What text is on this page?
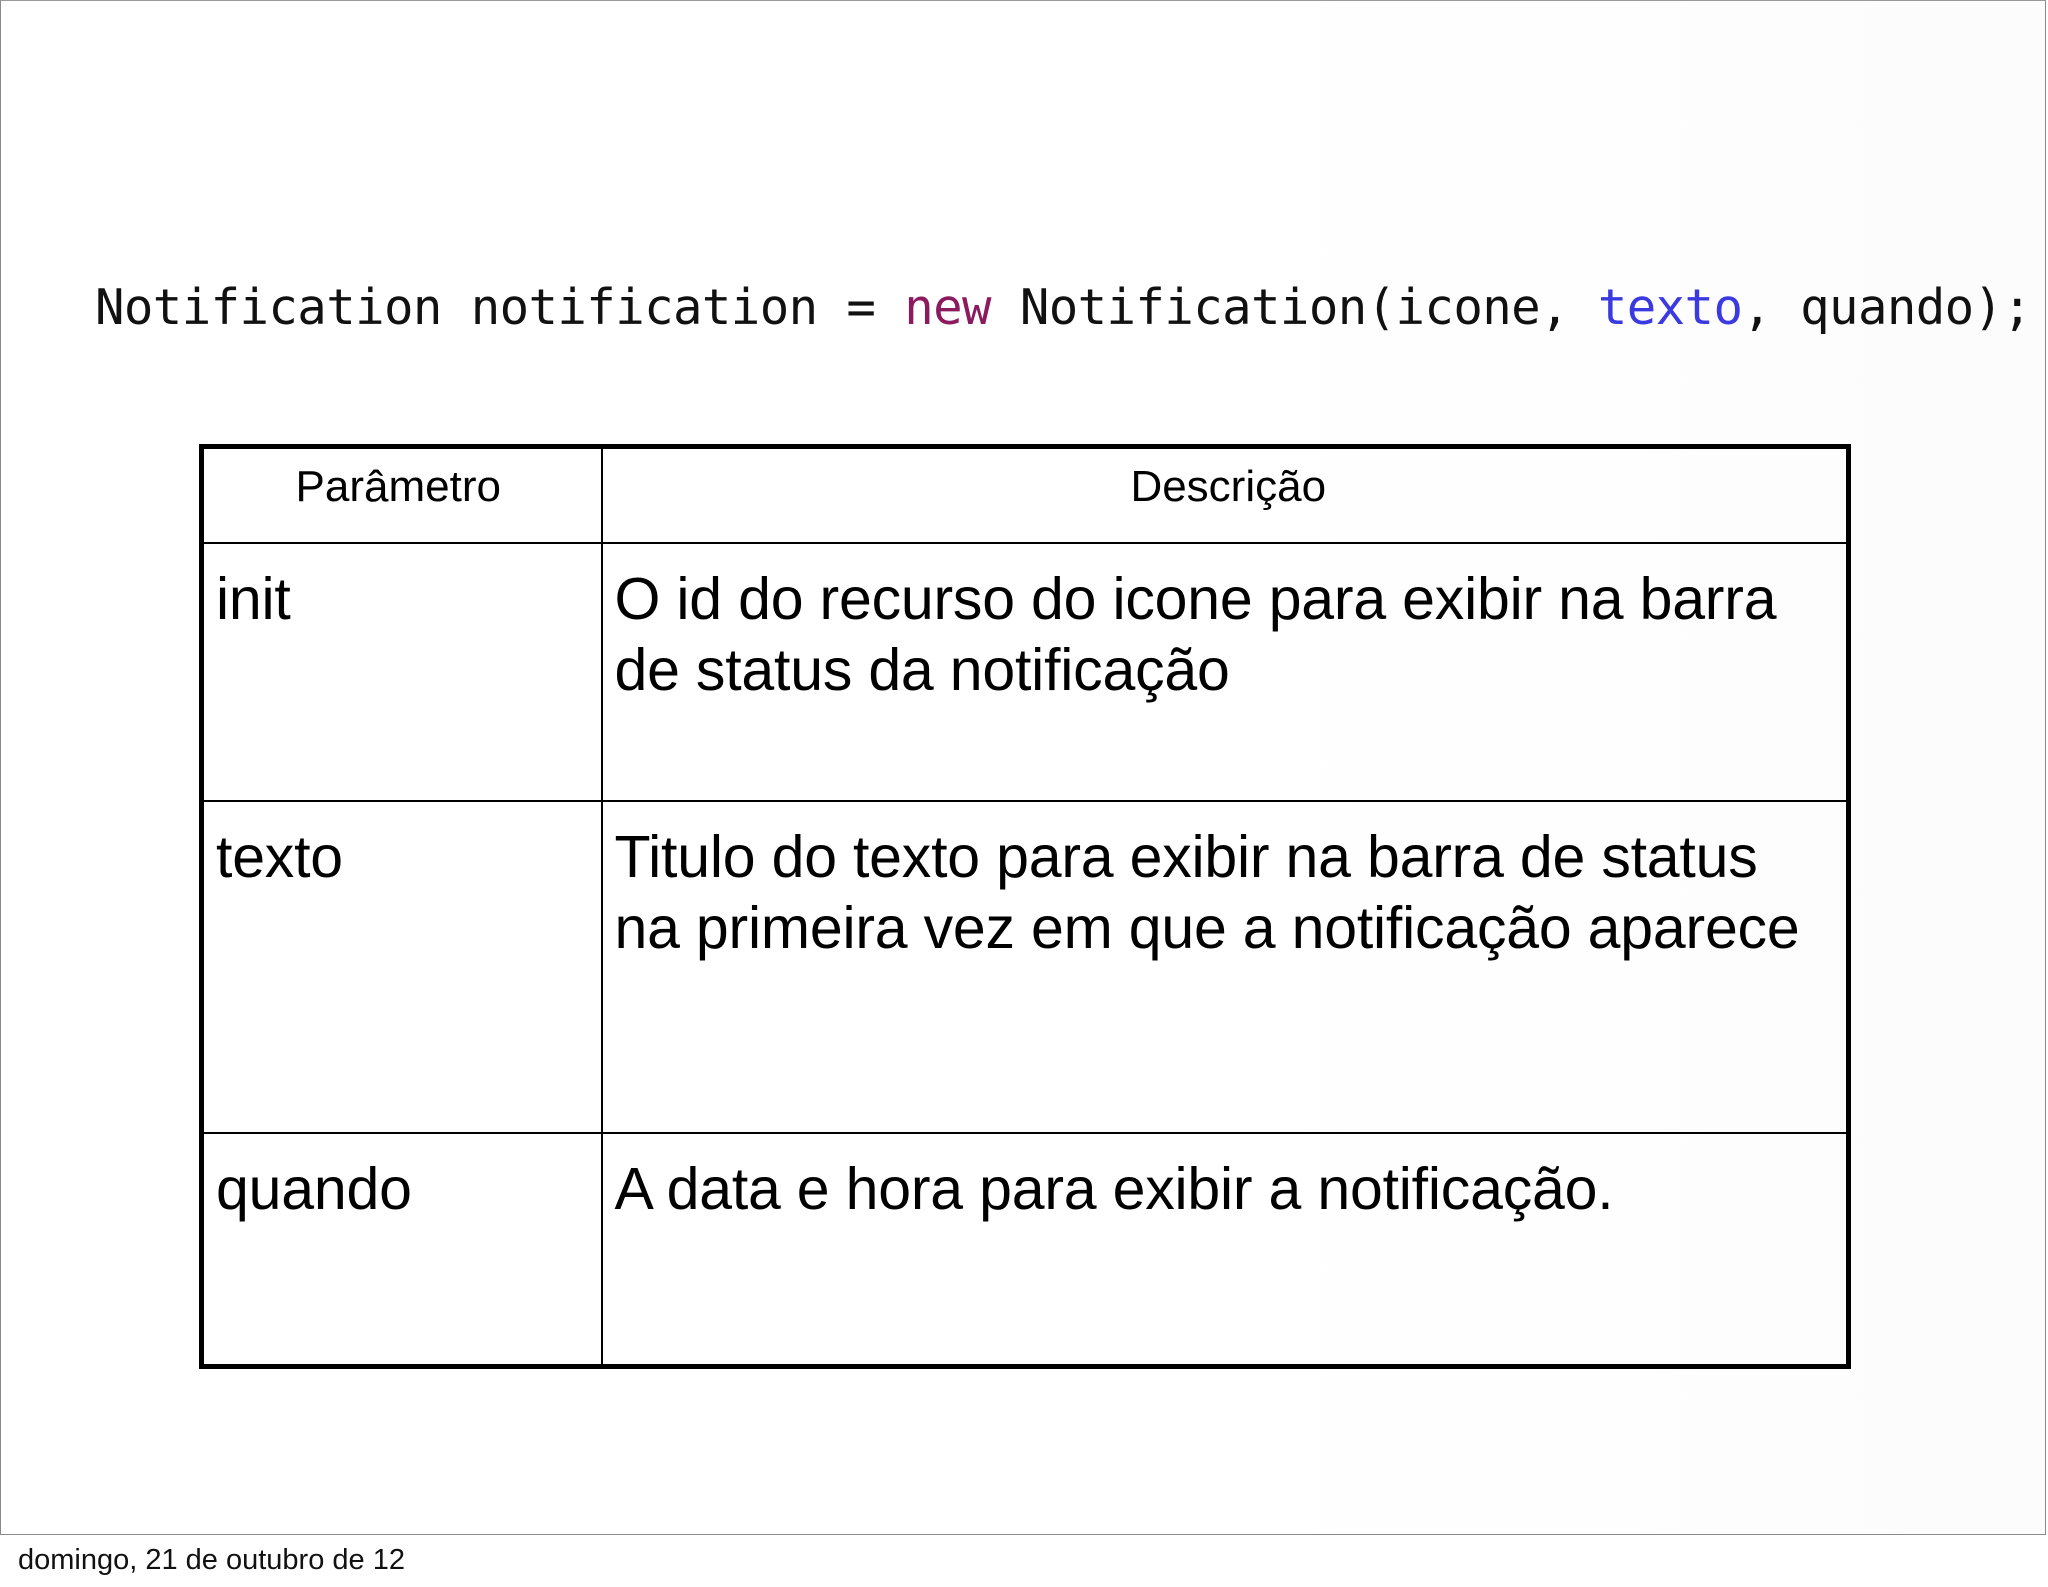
Notification notification = new Notification(icone, texto, quando);
Parâmetro	Descrição

init	O id do recurso do icone para exibir na barra de status da notificação

texto	Titulo do texto para exibir na barra de status na primeira vez em que a notificação aparece

quando	A data e hora para exibir a notificação.
domingo, 21 de outubro de 12
